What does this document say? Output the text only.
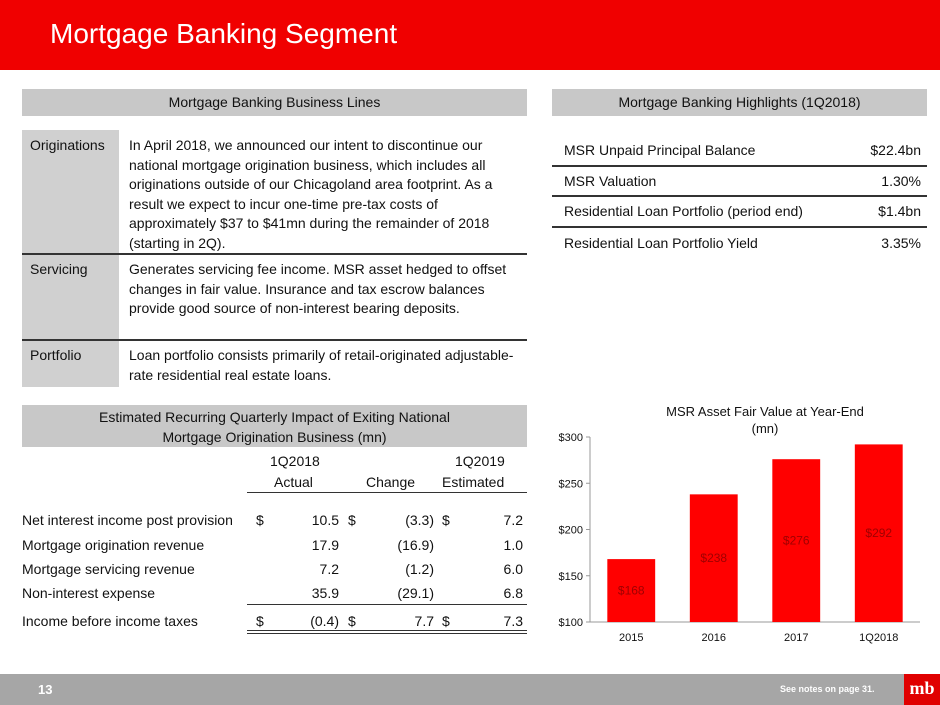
Mortgage Banking Segment
Mortgage Banking Business Lines
Originations	In April 2018, we announced our intent to discontinue our national mortgage origination business, which includes all originations outside of our Chicagoland area footprint. As a result we expect to incur one-time pre-tax costs of approximately $37 to $41mn during the remainder of 2018 (starting in 2Q).
Servicing	Generates servicing fee income. MSR asset hedged to offset changes in fair value. Insurance and tax escrow balances provide good source of non-interest bearing deposits.
Portfolio	Loan portfolio consists primarily of retail-originated adjustable-rate residential real estate loans.
Mortgage Banking Highlights (1Q2018)
MSR Unpaid Principal Balance	$22.4bn
MSR Valuation	1.30%
Residential Loan Portfolio (period end)	$1.4bn
Residential Loan Portfolio Yield	3.35%
Estimated Recurring Quarterly Impact of Exiting National
Mortgage Origination Business (mn)
1Q2018	1Q2019
Actual	Change Estimated
Net interest income post provision $	10.5 $	(3.3) $	7.2
Mortgage origination revenue	17.9	(16.9)	1.0
Mortgage servicing revenue	7.2	(1.2)	6.0
Non-interest expense	35.9	(29.1)	6.8
Income before income taxes	$	(0.4) $	7.7 $	7.3
MSR Asset Fair Value at Year-End
(mn)
$100
$150
$200
$250
$300
$168
2015
$238
2016
$276
2017
$292
1Q2018
13	See notes on page 31.	mb
